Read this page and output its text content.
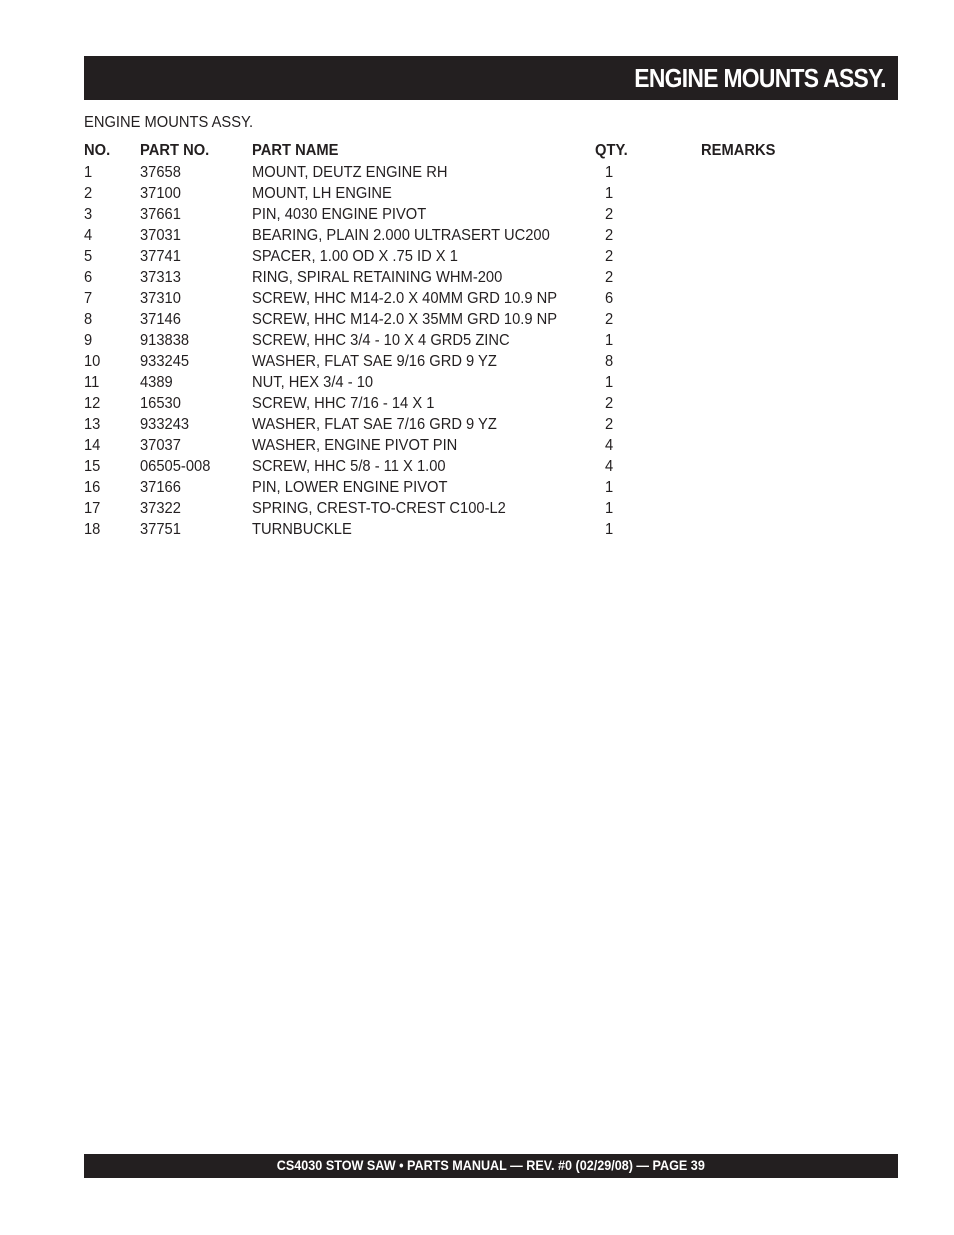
ENGINE MOUNTS ASSY.
ENGINE MOUNTS ASSY.
NO.	PART NO.	PART NAME	QTY.	REMARKS
1	37658	MOUNT, DEUTZ ENGINE RH	1	
2	37100	MOUNT, LH ENGINE	1	
3	37661	PIN, 4030 ENGINE PIVOT	2	
4	37031	BEARING, PLAIN 2.000 ULTRASERT UC200	2	
5	37741	SPACER, 1.00 OD X .75 ID X 1	2	
6	37313	RING, SPIRAL RETAINING WHM-200	2	
7	37310	SCREW, HHC M14-2.0 X 40MM GRD 10.9 NP	6	
8	37146	SCREW, HHC M14-2.0 X 35MM GRD 10.9 NP	2	
9	913838	SCREW, HHC 3/4 - 10 X 4 GRD5 ZINC	1	
10	933245	WASHER, FLAT SAE 9/16 GRD 9 YZ	8	
11	4389	NUT, HEX 3/4 - 10	1	
12	16530	SCREW, HHC 7/16 - 14 X 1	2	
13	933243	WASHER, FLAT SAE 7/16 GRD 9 YZ	2	
14	37037	WASHER, ENGINE PIVOT PIN	4	
15	06505-008	SCREW, HHC 5/8 - 11 X 1.00	4	
16	37166	PIN, LOWER ENGINE PIVOT	1	
17	37322	SPRING, CREST-TO-CREST C100-L2	1	
18	37751	TURNBUCKLE	1	
CS4030 STOW SAW • PARTS MANUAL — REV. #0 (02/29/08) — PAGE 39
